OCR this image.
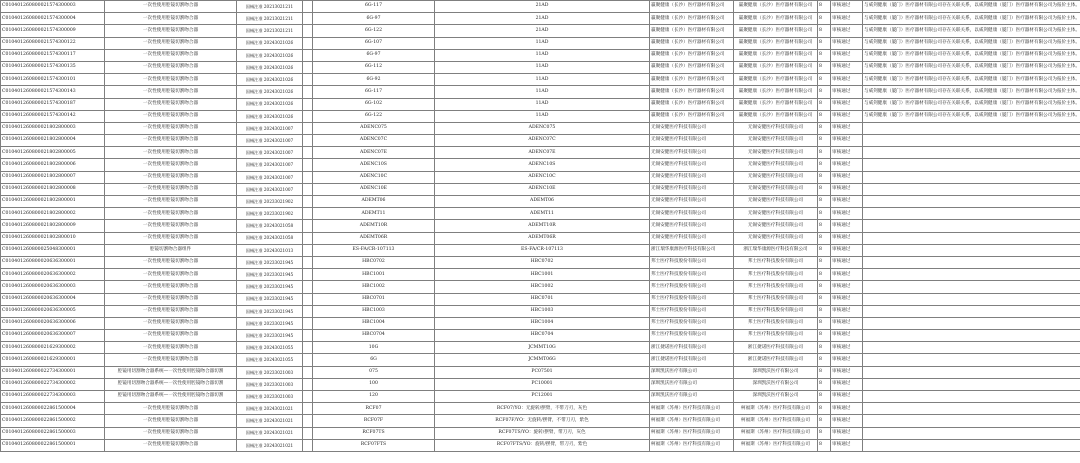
C010401260800021574300003	一次性使用腔镜切割吻合器	国械注准 20213021211		6G-117	21AD	赢聚健康（长沙）医疗器材有限公司	赢聚健康（长沙）医疗器材有限公司	8	审核通过	与威剑健康（厦门）医疗器材有限公司存在关联关系，以威剑健康（厦门）医疗器材有限公司为报价主体。
C010401260800021574300004	一次性使用腔镜切割吻合器	国械注准 20213021211		6G-97	21AD	赢聚健康（长沙）医疗器材有限公司	赢聚健康（长沙）医疗器材有限公司	8	审核通过	与威剑健康（厦门）医疗器材有限公司存在关联关系，以威剑健康（厦门）医疗器材有限公司为报价主体。
C010401260800021574300009	一次性使用腔镜切割吻合器	国械注准 20213021211		6G-122	21AD	赢聚健康（长沙）医疗器材有限公司	赢聚健康（长沙）医疗器材有限公司	8	审核通过	与威剑健康（厦门）医疗器材有限公司存在关联关系，以威剑健康（厦门）医疗器材有限公司为报价主体。
C010401260800021574300122	一次性使用腔镜切割吻合器	国械注准 20243021026		6G-107	11AD	赢聚健康（长沙）医疗器材有限公司	赢聚健康（长沙）医疗器材有限公司	8	审核通过	与威剑健康（厦门）医疗器材有限公司存在关联关系，以威剑健康（厦门）医疗器材有限公司为报价主体。
C010401260800021574300117	一次性使用腔镜切割吻合器	国械注准 20243021026		6G-97	11AD	赢聚健康（长沙）医疗器材有限公司	赢聚健康（长沙）医疗器材有限公司	8	审核通过	与威剑健康（厦门）医疗器材有限公司存在关联关系，以威剑健康（厦门）医疗器材有限公司为报价主体。
C010401260800021574300135	一次性使用腔镜切割吻合器	国械注准 20243021026		6G-112	11AD	赢聚健康（长沙）医疗器材有限公司	赢聚健康（长沙）医疗器材有限公司	8	审核通过	与威剑健康（厦门）医疗器材有限公司存在关联关系，以威剑健康（厦门）医疗器材有限公司为报价主体。
C010401260800021574300101	一次性使用腔镜切割吻合器	国械注准 20243021026		6G-92	11AD	赢聚健康（长沙）医疗器材有限公司	赢聚健康（长沙）医疗器材有限公司	8	审核通过	与威剑健康（厦门）医疗器材有限公司存在关联关系，以威剑健康（厦门）医疗器材有限公司为报价主体。
C010401260800021574300143	一次性使用腔镜切割吻合器	国械注准 20243021026		6G-117	11AD	赢聚健康（长沙）医疗器材有限公司	赢聚健康（长沙）医疗器材有限公司	8	审核通过	与威剑健康（厦门）医疗器材有限公司存在关联关系，以威剑健康（厦门）医疗器材有限公司为报价主体。
C010401260800021574300187	一次性使用腔镜切割吻合器	国械注准 20243021026		6G-102	11AD	赢聚健康（长沙）医疗器材有限公司	赢聚健康（长沙）医疗器材有限公司	8	审核通过	与威剑健康（厦门）医疗器材有限公司存在关联关系，以威剑健康（厦门）医疗器材有限公司为报价主体。
C010401260800021574300142	一次性使用腔镜切割吻合器	国械注准 20243021026		6G-122	11AD	赢聚健康（长沙）医疗器材有限公司	赢聚健康（长沙）医疗器材有限公司	8	审核通过	与威剑健康（厦门）医疗器材有限公司存在关联关系，以威剑健康（厦门）医疗器材有限公司为报价主体。
C010401260800021802800003	一次性使用腔镜切割吻合器	国械注准 20243021007		ADENC075	ADENC075	无锡安健医疗科技有限公司	无锡安健医疗科技有限公司	8	审核通过	
C010401260800021802800004	一次性使用腔镜切割吻合器	国械注准 20243021007		ADENC07C	ADENC07C	无锡安健医疗科技有限公司	无锡安健医疗科技有限公司	8	审核通过	
C010401260800021802800005	一次性使用腔镜切割吻合器	国械注准 20243021007		ADENC07E	ADENC07E	无锡安健医疗科技有限公司	无锡安健医疗科技有限公司	8	审核通过	
C010401260800021802800006	一次性使用腔镜切割吻合器	国械注准 20243021007		ADENC10S	ADENC10S	无锡安健医疗科技有限公司	无锡安健医疗科技有限公司	8	审核通过	
C010401260800021802800007	一次性使用腔镜切割吻合器	国械注准 20243021007		ADENC10C	ADENC10C	无锡安健医疗科技有限公司	无锡安健医疗科技有限公司	8	审核通过	
C010401260800021802800008	一次性使用腔镜切割吻合器	国械注准 20243021007		ADENC10E	ADENC10E	无锡安健医疗科技有限公司	无锡安健医疗科技有限公司	8	审核通过	
C010401260800021802800001	一次性使用腔镜切割吻合器	国械注准 20233021902		ADEMT06	ADEMT06	无锡安健医疗科技有限公司	无锡安健医疗科技有限公司	8	审核通过	
C010401260800021802800002	一次性使用腔镜切割吻合器	国械注准 20233021902		ADEMT11	ADEMT11	无锡安健医疗科技有限公司	无锡安健医疗科技有限公司	8	审核通过	
C010401260800021802800009	一次性使用腔镜切割吻合器	国械注准 20243021058		ADEMT10R	ADEMT10R	无锡安健医疗科技有限公司	无锡安健医疗科技有限公司	8	审核通过	
C010401260800021802800010	一次性使用腔镜切割吻合器	国械注准 20243021058		ADEMT06R	ADEMT06R	无锡安健医疗科技有限公司	无锡安健医疗科技有限公司	8	审核通过	
C010401260800025048300001	腔镜切割吻合器组件	国械注准 20243021013		ES-FA/CR-107113	ES-FA/CR-107113	浙江瑞华康源医疗科技有限公司	浙江瑞华康源医疗科技有限公司	8	审核通过	
C010401260800020636300001	一次性使用腔镜切割吻合器	国械注准 20233021945		HBC0702	HBC0702	邦士医疗科技股份有限公司	邦士医疗科技股份有限公司	8	审核通过	
C010401260800020636300002	一次性使用腔镜切割吻合器	国械注准 20233021945		HBC1001	HBC1001	邦士医疗科技股份有限公司	邦士医疗科技股份有限公司	8	审核通过	
C010401260800020636300003	一次性使用腔镜切割吻合器	国械注准 20233021945		HBC1002	HBC1002	邦士医疗科技股份有限公司	邦士医疗科技股份有限公司	8	审核通过	
C010401260800020636300004	一次性使用腔镜切割吻合器	国械注准 20233021945		HBC0701	HBC0701	邦士医疗科技股份有限公司	邦士医疗科技股份有限公司	8	审核通过	
C010401260800020636300005	一次性使用腔镜切割吻合器	国械注准 20233021945		HBC1003	HBC1003	邦士医疗科技股份有限公司	邦士医疗科技股份有限公司	8	审核通过	
C010401260800020636300006	一次性使用腔镜切割吻合器	国械注准 20233021945		HBC1004	HBC1004	邦士医疗科技股份有限公司	邦士医疗科技股份有限公司	8	审核通过	
C010401260800020636300007	一次性使用腔镜切割吻合器	国械注准 20233021945		HBC0704	HBC0704	邦士医疗科技股份有限公司	邦士医疗科技股份有限公司	8	审核通过	
C010401260800021629300002	一次性使用腔镜切割吻合器	国械注准 20243021055		10G	JCMMT10G	浙江捷诺医疗科技有限公司	浙江捷诺医疗科技有限公司	8	审核通过	
C010401260800021629300001	一次性使用腔镜切割吻合器	国械注准 20243021055		6G	JCMMT06G	浙江捷诺医疗科技有限公司	浙江捷诺医疗科技有限公司	8	审核通过	
C010401260800022734300001	腔镜用切割吻合器系统—一次性使用腔镜吻合器切割	国械注准 20233021003		075	PC07501	深圳凯沃医疗有限公司	深圳凯沃医疗有限公司	8	审核通过	
C010401260800022734300002	腔镜用切割吻合器系统—一次性使用腔镜吻合器切割	国械注准 20233021003		100	PC10001	深圳凯沃医疗有限公司	深圳凯沃医疗有限公司	8	审核通过	
C010401260800022734300003	腔镜用切割吻合器系统—一次性使用腔镜吻合器切割	国械注准 20233021003		120	PC12001	深圳凯沃医疗有限公司	深圳凯沃医疗有限公司	8	审核通过	
C010401260800022861500004	一次性使用腔镜切割吻合器	国械注准 20243021021		RCF07	RCF07/YO：无旋转/摆臂，不带刀刃，灰色	柯福斯（苏州）医疗科技有限公司	柯福斯（苏州）医疗科技有限公司	8	审核通过	
C010401260800022861500002	一次性使用腔镜切割吻合器	国械注准 20243021021		RCF07F	RCF07F/YO：无旋转/摆臂，不带刀刃，紫色	柯福斯（苏州）医疗科技有限公司	柯福斯（苏州）医疗科技有限公司	8	审核通过	
C010401260800022861500003	一次性使用腔镜切割吻合器	国械注准 20243021021		RCF07TS	RCF07TS/YO：旋转/摆臂，带刀刃，灰色	柯福斯（苏州）医疗科技有限公司	柯福斯（苏州）医疗科技有限公司	8	审核通过	
C010401260800022861500001	一次性使用腔镜切割吻合器	国械注准 20243021021		RCF07FTS	RCF07FTS/YO：旋转/摆臂，带刀刃，紫色	柯福斯（苏州）医疗科技有限公司	柯福斯（苏州）医疗科技有限公司	8	审核通过	
